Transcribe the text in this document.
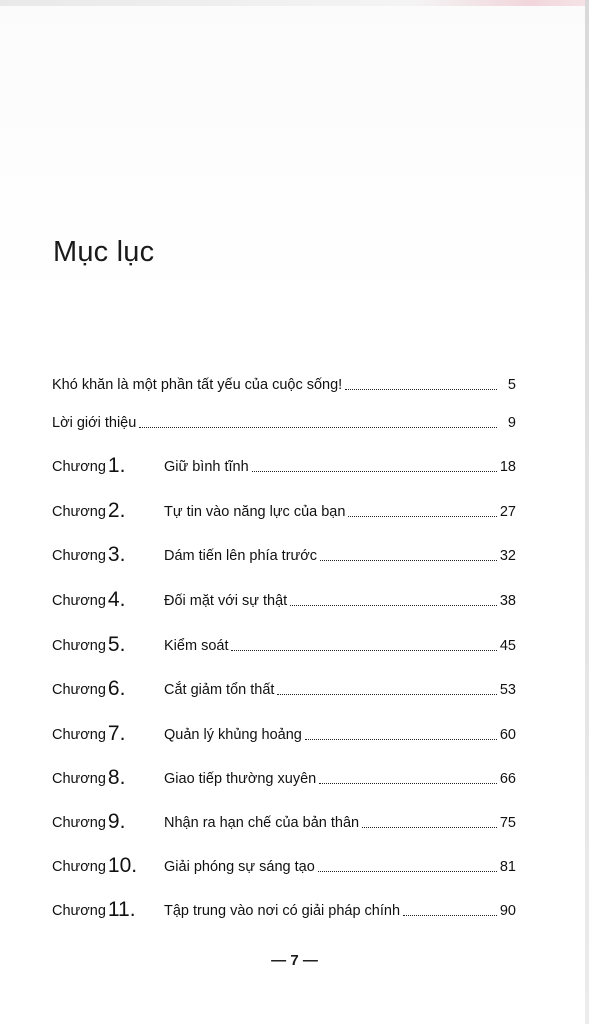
Mục lục
Khó khăn là một phần tất yếu của cuộc sống!	5
Lời giới thiệu	9
Chương 1.	Giữ bình tĩnh	18
Chương 2.	Tự tin vào năng lực của bạn	27
Chương 3.	Dám tiến lên phía trước	32
Chương 4.	Đối mặt với sự thật	38
Chương 5.	Kiểm soát	45
Chương 6.	Cắt giảm tổn thất	53
Chương 7.	Quản lý khủng hoảng	60
Chương 8.	Giao tiếp thường xuyên	66
Chương 9.	Nhận ra hạn chế của bản thân	75
Chương 10. Giải phóng sự sáng tạo	81
Chương 11. Tập trung vào nơi có giải pháp chính	90
— 7 —
